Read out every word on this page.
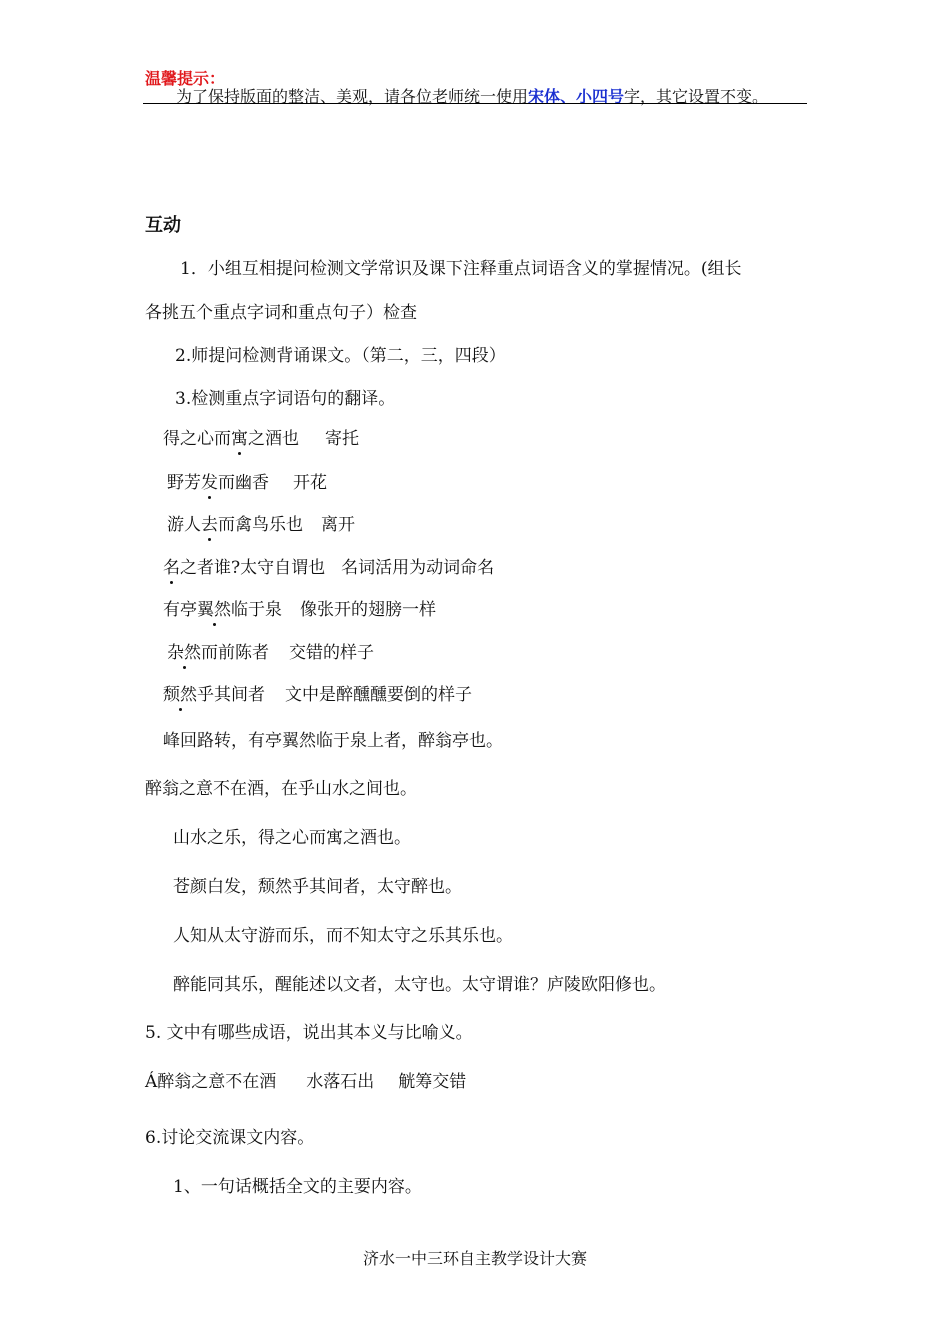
温馨提示：
为了保持版面的整洁、美观，请各位老师统一使用宋体、小四号字，其它设置不变。
互动
1．小组互相提问检测文学常识及课下注释重点词语含义的掌握情况。(组长
各挑五个重点字词和重点句子）检查
2.师提问检测背诵课文。（第二，三，四段）
3.检测重点字词语句的翻译。
得之心而寓之酒也 寄托
野芳发而幽香 开花
游人去而禽鸟乐也 离开
名之者谁?太守自谓也 名词活用为动词命名
有亭翼然临于泉 像张开的翅膀一样
杂然而前陈者 交错的样子
颓然乎其间者 文中是醉醺醺要倒的样子
峰回路转，有亭翼然临于泉上者，醉翁亭也。
醉翁之意不在酒，在乎山水之间也。
山水之乐，得之心而寓之酒也。
苍颜白发，颓然乎其间者，太守醉也。
人知从太守游而乐，而不知太守之乐其乐也。
醉能同其乐，醒能述以文者，太守也。太守谓谁？庐陵欧阳修也。
5. 文中有哪些成语，说出其本义与比喻义。
Á醉翁之意不在酒 水落石出 觥筹交错
6.讨论交流课文内容。
1、一句话概括全文的主要内容。
济水一中三环自主教学设计大赛
